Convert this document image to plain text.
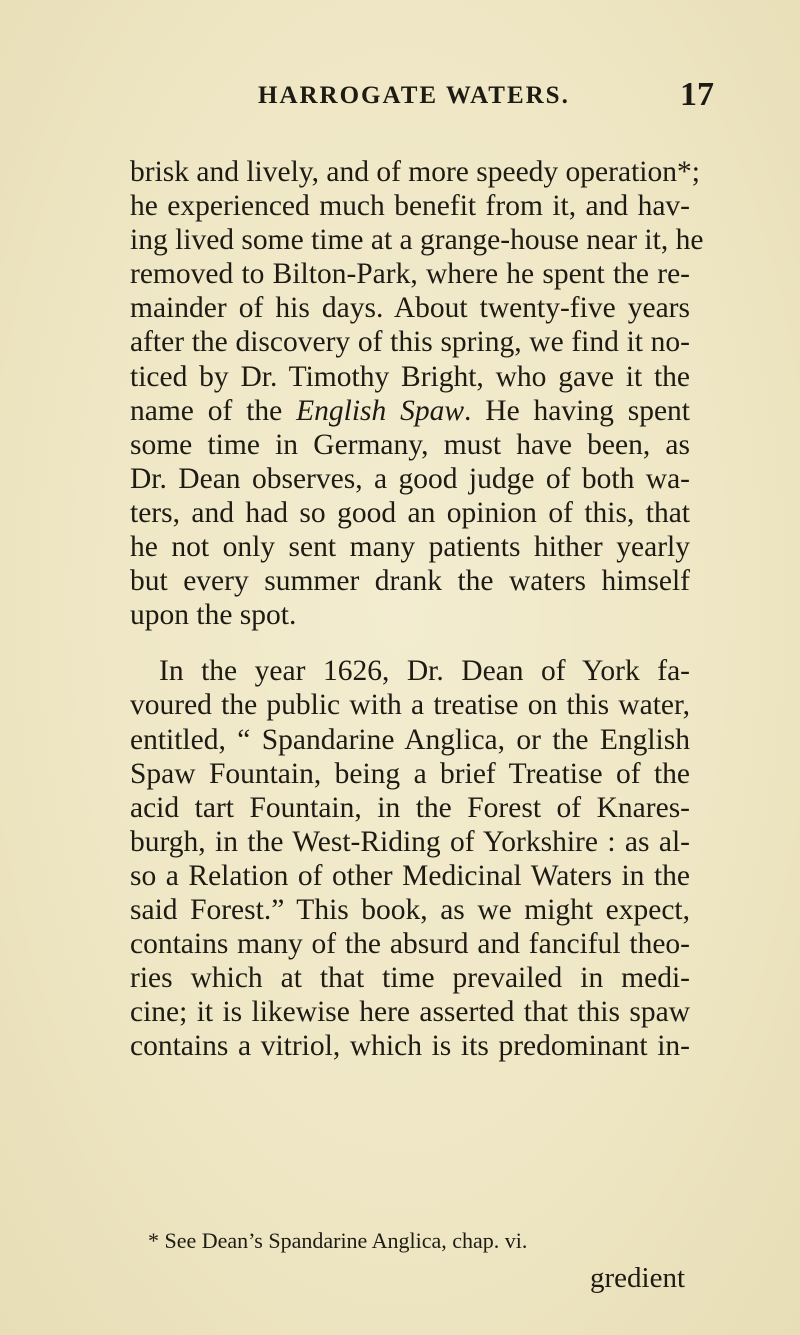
HARROGATE WATERS.	17
brisk and lively, and of more speedy operation*;
he experienced much benefit from it, and hav-
ing lived some time at a grange-house near it, he
removed to Bilton-Park, where he spent the re-
mainder of his days. About twenty-five years
after the discovery of this spring, we find it no-
ticed by Dr. Timothy Bright, who gave it the
name of the English Spaw. He having spent
some time in Germany, must have been, as
Dr. Dean observes, a good judge of both wa-
ters, and had so good an opinion of this, that
he not only sent many patients hither yearly
but every summer drank the waters himself
upon the spot.
In the year 1626, Dr. Dean of York fa-
voured the public with a treatise on this water,
entitled, “ Spandarine Anglica, or the English
Spaw Fountain, being a brief Treatise of the
acid tart Fountain, in the Forest of Knares-
burgh, in the West-Riding of Yorkshire : as al-
so a Relation of other Medicinal Waters in the
said Forest.” This book, as we might expect,
contains many of the absurd and fanciful theo-
ries which at that time prevailed in medi-
cine; it is likewise here asserted that this spaw
contains a vitriol, which is its predominant in-
* See Dean’s Spandarine Anglica, chap. vi.
gredient
